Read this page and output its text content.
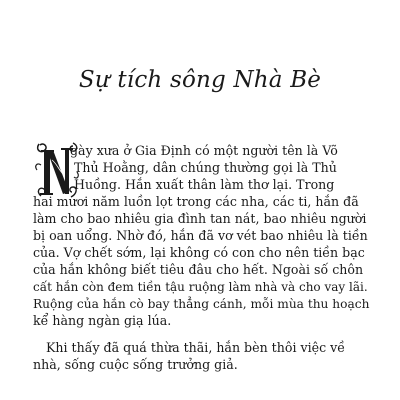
Sự tích sông Nhà Bè
gày xưa ở Gia Định có một người tên là Võ
Thủ Hoằng, dân chúng thường gọi là Thủ
Huồng. Hắn xuất thân làm thơ lại. Trong
hai mươi năm luồn lọt trong các nha, các ti, hắn đã
làm cho bao nhiêu gia đình tan nát, bao nhiêu người
bị oan uổng. Nhờ đó, hắn đã vơ vét bao nhiêu là tiền
của. Vợ chết sớm, lại không có con cho nên tiền bạc
của hắn không biết tiêu đâu cho hết. Ngoài số chôn
cất hắn còn đem tiền tậu ruộng làm nhà và cho vay lãi.
Ruộng của hắn cò bay thẳng cánh, mỗi mùa thu hoạch
kể hàng ngàn giạ lúa.
Khi thấy đã quá thừa thãi, hắn bèn thôi việc về
nhà, sống cuộc sống trưởng giả.
